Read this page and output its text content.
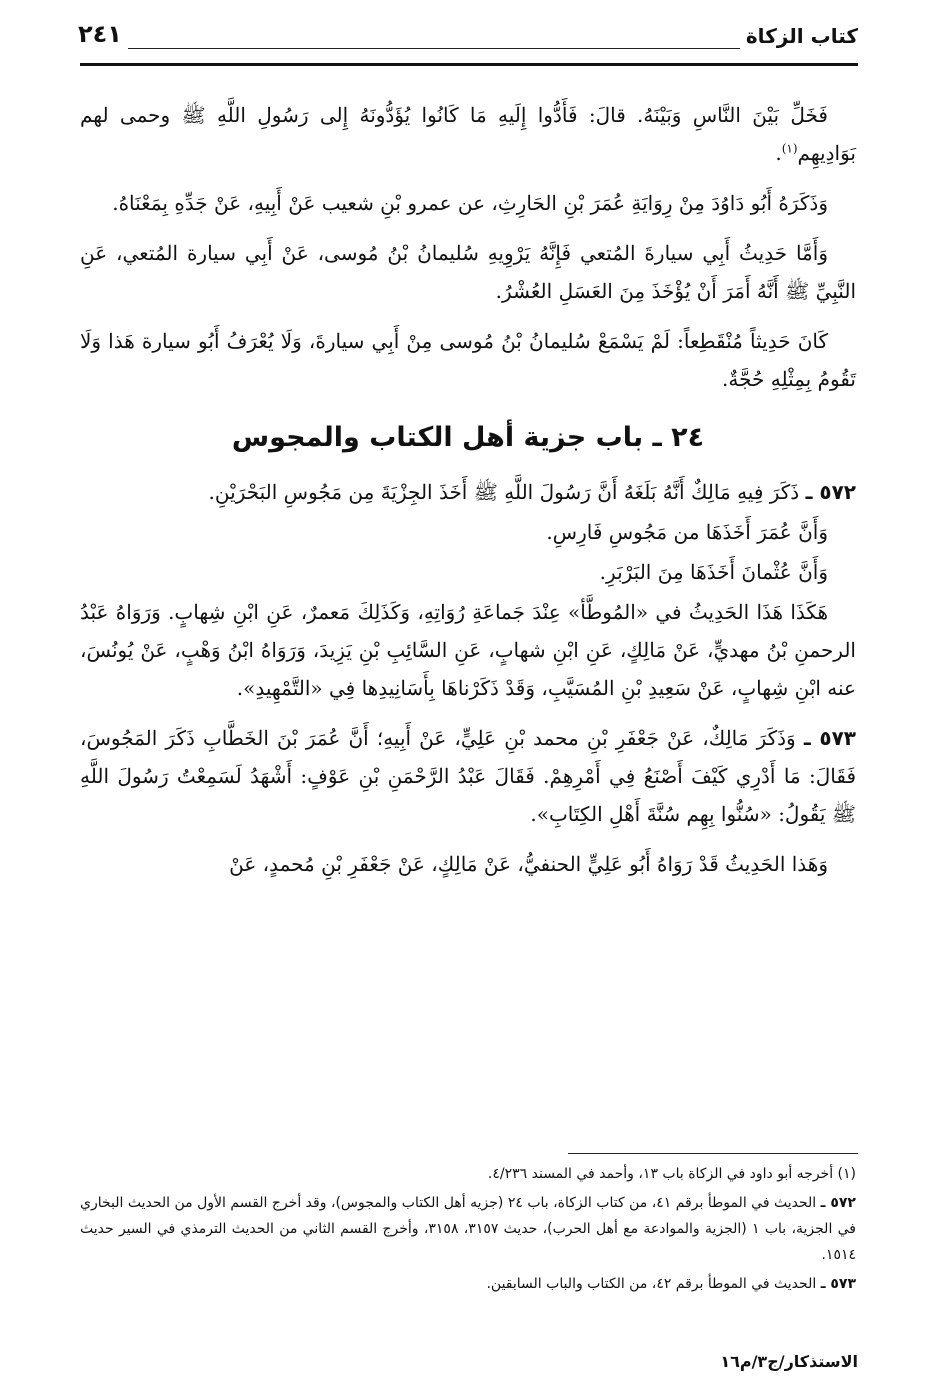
كتاب الزكاة
٢٤١

فَخَلِّ بَيْنَ النَّاسِ وَبَيْنَهُ. قالَ: فَأَدُّوا إِلَيهِ مَا كَانُوا يُؤَدُّونَهُ إِلى رَسُولِ اللَّهِ ﷺ وحمى لهم بَوَادِيهِم$^{(١)}$.

وَذَكَرَهُ أَبُو دَاوُدَ مِنْ رِوَايَةِ عُمَرَ بْنِ الحَارِثِ، عن عمرو بْنِ شعيب عَنْ أَبِيهِ، عَنْ جَدِّهِ بِمَعْنَاهُ.

وَأَمَّا حَدِيثُ أَبِي سيارةَ المُتعي فَإِنَّهُ يَرْوِيهِ سُليمانُ بْنُ مُوسى، عَنْ أَبِي سيارة المُتعي، عَنِ النَّبِيِّ ﷺ أَنَّهُ أَمَرَ أَنْ يُؤْخَذَ مِنَ العَسَلِ العُشْرُ.

كَانَ حَدِيثاً مُنْقَطِعاً: لَمْ يَسْمَعْ سُليمانُ بْنُ مُوسى مِنْ أَبِي سيارةَ، وَلَا يُعْرَفُ أَبُو سيارة هَذا وَلَا تَقُومُ بِمِثْلِهِ حُجَّةٌ.

٢٤ ـ باب جزية أهل الكتاب والمجوس

٥٧٢ ـ ذَكَرَ فِيهِ مَالِكٌ أَنَّهُ بَلَغَهُ أَنَّ رَسُولَ اللَّهِ ﷺ أَخَذَ الجِزْيَةَ مِن مَجُوسِ البَحْرَيْنِ.

وَأَنَّ عُمَرَ أَخَذَهَا من مَجُوسِ فَارِسِ.

وَأَنَّ عُثْمانَ أَخَذَهَا مِنَ البَرْبَرِ.

هَكَذَا هَذَا الحَدِيثُ في «المُوطَّأ» عِنْدَ جَماعَةِ رُوَاتِهِ، وَكَذَلِكَ مَعمرٌ، عَنِ ابْنِ شِهابٍ. وَرَوَاهُ عَبْدُ الرحمنِ بْنُ مهديٍّ، عَنْ مَالِكٍ، عَنِ ابْنِ شهابٍ، عَنِ السَّائِبِ بْنِ يَزِيدَ، وَرَوَاهُ ابْنُ وَهْبٍ، عَنْ يُونُسَ، عنه ابْنِ شِهابٍ، عَنْ سَعِيدِ بْنِ المُسَيَّبِ، وَقَدْ ذَكَرْناهَا بِأَسَانِيدِها فِي «التَّمْهِيدِ».

٥٧٣ ـ وَذَكَرَ مَالِكٌ، عَنْ جَعْفَرِ بْنِ محمد بْنِ عَلِيٍّ، عَنْ أَبِيهِ؛ أَنَّ عُمَرَ بْنَ الخَطَّابِ ذَكَرَ المَجُوسَ، فَقَالَ: مَا أَدْرِي كَيْفَ أَصْنَعُ فِي أَمْرِهِمْ. فَقَالَ عَبْدُ الرَّحْمَنِ بْنِ عَوْفٍ: أَشْهَدُ لَسَمِعْتُ رَسُولَ اللَّهِ ﷺ يَقُولُ: «سُنُّوا بِهِم سُنَّةَ أَهْلِ الكِتَابِ».

وَهَذا الحَدِيثُ قَدْ رَوَاهُ أَبُو عَلِيٍّ الحنفيُّ، عَنْ مَالِكٍ، عَنْ جَعْفَرِ بْنِ مُحمدٍ، عَنْ

(١) أخرجه أبو داود في الزكاة باب ١٣، وأحمد في المسند ٤/٢٣٦.

٥٧٢ ـ الحديث في الموطأ برقم ٤١، من كتاب الزكاة، باب ٢٤ (جزيه أهل الكتاب والمجوس)، وقد أخرج القسم الأول من الحديث البخاري في الجزية، باب ١ (الجزية والموادعة مع أهل الحرب)، حديث ٣١٥٧، ٣١٥٨، وأخرج القسم الثاني من الحديث الترمذي في السير حديث ١٥١٤.

٥٧٣ ـ الحديث في الموطأ برقم ٤٢، من الكتاب والباب السابقين.

الاستذكار/ج٣/م١٦
